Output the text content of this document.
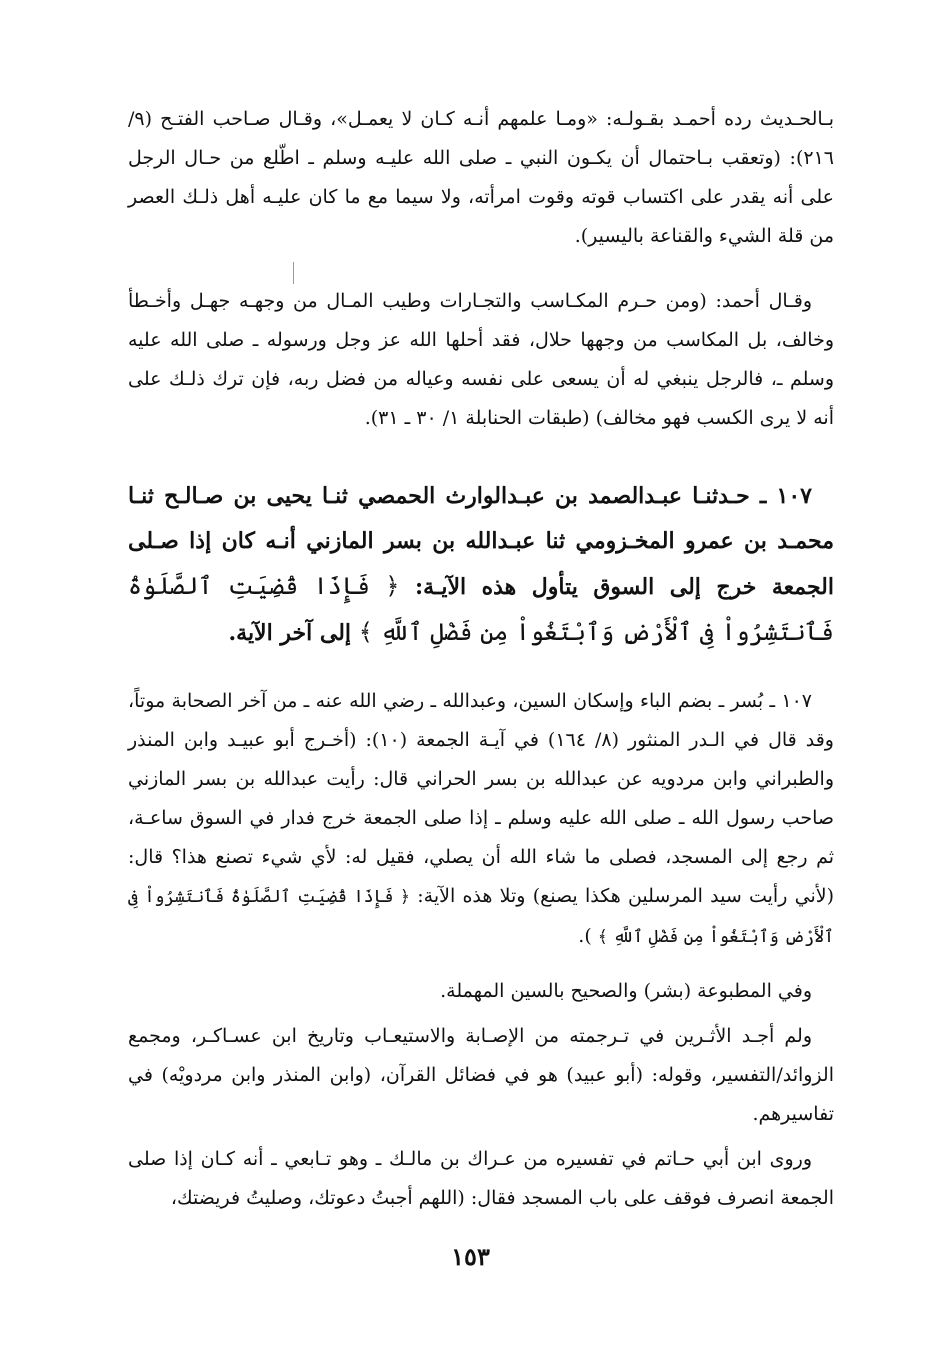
بـالحـديث رده أحمـد بقـولـه: «ومـا علمهم أنـه كـان لا يعمـل»، وقـال صـاحب الفتـح (٩/ ٢١٦): (وتعقب بـاحتمال أن يكـون النبي ـ صلى الله عليـه وسلم ـ اطّلع من حـال الرجل على أنه يقدر على اكتساب قوته وقوت امرأته، ولا سيما مع ما كان عليـه أهل ذلـك العصر من قلة الشيء والقناعة باليسير).

وقـال أحمد: (ومن حـرم المكـاسب والتجـارات وطيب المـال من وجهـه جهـل وأخـطأ وخالف، بل المكاسب من وجهها حلال، فقد أحلها الله عز وجل ورسوله ـ صلى الله عليه وسلم ـ، فالرجل ينبغي له أن يسعى على نفسه وعياله من فضل ربه، فإن ترك ذلـك على أنه لا يرى الكسب فهو مخالف) (طبقات الحنابلة ١/ ٣٠ ـ ٣١).

١٠٧ ـ حـدثنـا عبـدالصمد بن عبـدالوارث الحمصي ثنـا يحيى بن صـالـح ثنـا محمـد بن عمرو المخـزومي ثنا عبـدالله بن بسر المازني أنـه كان إذا صـلى الجمعة خرج إلى السوق يتأول هذه الآيـة: ﴿ فَإِذَا قُضِيَتِ ٱلصَّلَوٰةُ فَٱنتَشِرُواْ فِى ٱلْأَرْضِ وَٱبْتَغُواْ مِن فَضْلِ ٱللَّهِ ﴾ إلى آخر الآية.

١٠٧ ـ بُسر ـ بضم الباء وإسكان السين، وعبدالله ـ رضي الله عنه ـ من آخر الصحابة موتاً، وقد قال في الـدر المنثور (٨/ ١٦٤) في آيـة الجمعة (١٠): (أخـرج أبو عبيـد وابن المنذر والطبراني وابن مردويه عن عبدالله بن بسر الحراني قال: رأيت عبدالله بن بسر المازني صاحب رسول الله ـ صلى الله عليه وسلم ـ إذا صلى الجمعة خرج فدار في السوق ساعـة، ثم رجع إلى المسجد، فصلى ما شاء الله أن يصلي، فقيل له: لأي شيء تصنع هذا؟ قال: (لأني رأيت سيد المرسلين هكذا يصنع) وتلا هذه الآية: ﴿ فَإِذَا قُضِيَتِ ٱلصَّلَوٰةُ فَٱنتَشِرُواْ فِى ٱلْأَرْضِ وَٱبْتَغُواْ مِن فَضْلِ ٱللَّهِ ﴾ ).

وفي المطبوعة (بشر) والصحيح بالسين المهملة.

ولم أجـد الأثـرين في تـرجمته من الإصـابة والاستيعـاب وتاريخ ابن عسـاكـر، ومجمع الزوائد/التفسير، وقوله: (أبو عبيد) هو في فضائل القرآن، (وابن المنذر وابن مردويْه) في تفاسيرهم.

وروى ابن أبي حـاتم في تفسيره من عـراك بن مالـك ـ وهو تـابعي ـ أنه كـان إذا صلى الجمعة انصرف فوقف على باب المسجد فقال: (اللهم أجبتُ دعوتك، وصليتُ فريضتك،

١٥٣
